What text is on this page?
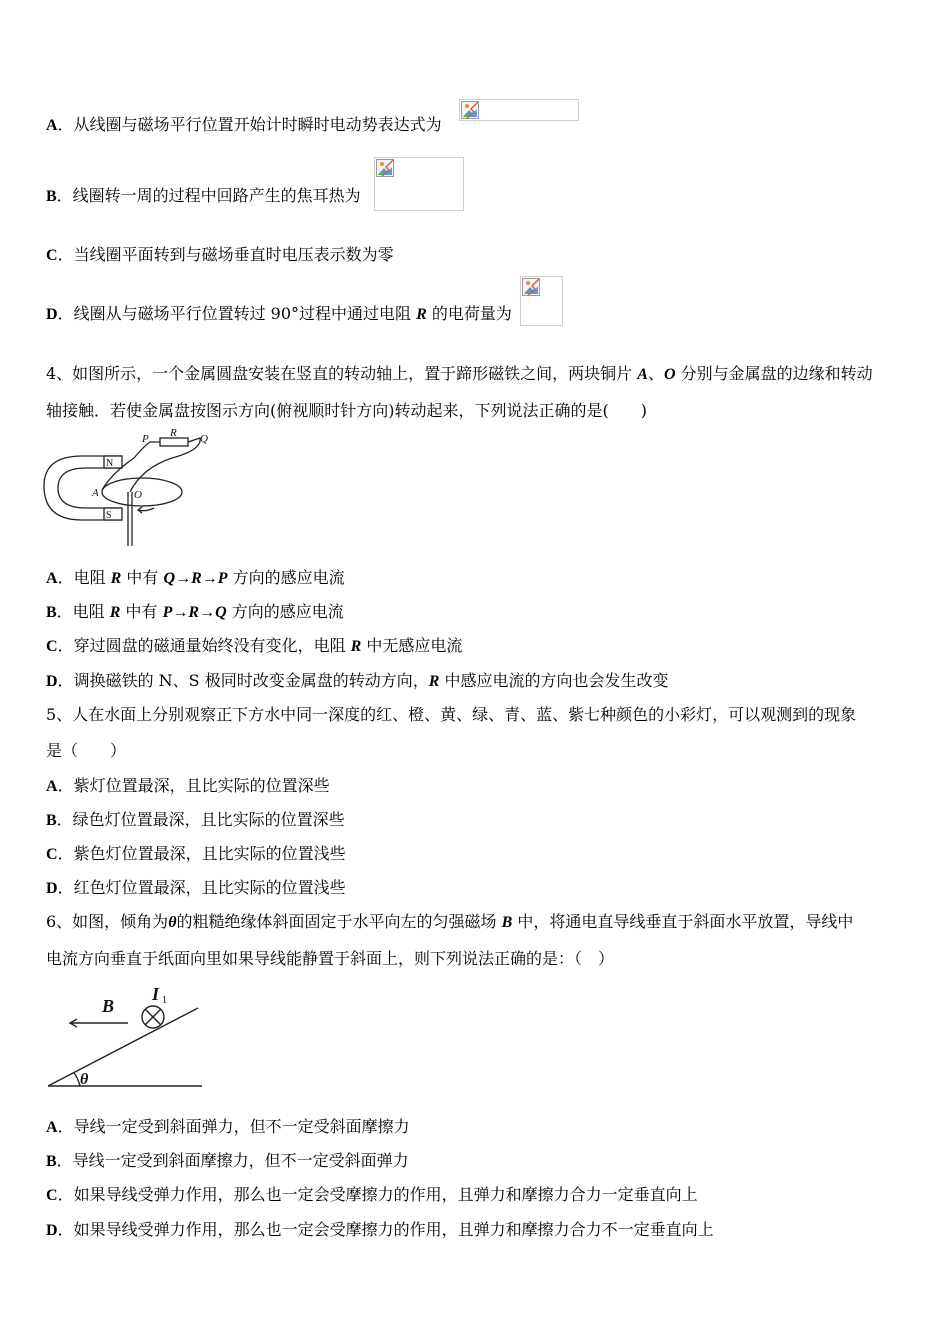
A．从线圈与磁场平行位置开始计时瞬时电动势表达式为
B．线圈转一周的过程中回路产生的焦耳热为
C．当线圈平面转到与磁场垂直时电压表示数为零
D．线圈从与磁场平行位置转过 90°过程中通过电阻 R 的电荷量为
4、如图所示，一个金属圆盘安装在竖直的转动轴上，置于蹄形磁铁之间，两块铜片 A、O 分别与金属盘的边缘和转动
轴接触．若使金属盘按图示方向(俯视顺时针方向)转动起来，下列说法正确的是(　　)
P R Q
A	O
N
S
A．电阻 R 中有 Q→R→P 方向的感应电流
B．电阻 R 中有 P→R→Q 方向的感应电流
C．穿过圆盘的磁通量始终没有变化，电阻 R 中无感应电流
D．调换磁铁的 N、S 极同时改变金属盘的转动方向，R 中感应电流的方向也会发生改变
5、人在水面上分别观察正下方水中同一深度的红、橙、黄、绿、青、蓝、紫七种颜色的小彩灯，可以观测到的现象
是（　　）
A．紫灯位置最深，且比实际的位置深些
B．绿色灯位置最深，且比实际的位置深些
C．紫色灯位置最深，且比实际的位置浅些
D．红色灯位置最深，且比实际的位置浅些
6、如图，倾角为θ的粗糙绝缘体斜面固定于水平向左的匀强磁场 B 中，将通电直导线垂直于斜面水平放置，导线中
电流方向垂直于纸面向里如果导线能静置于斜面上，则下列说法正确的是：（　）
B
I
θ
1
A．导线一定受到斜面弹力，但不一定受斜面摩擦力
B．导线一定受到斜面摩擦力，但不一定受斜面弹力
C．如果导线受弹力作用，那么也一定会受摩擦力的作用，且弹力和摩擦力合力一定垂直向上
D．如果导线受弹力作用，那么也一定会受摩擦力的作用，且弹力和摩擦力合力不一定垂直向上
